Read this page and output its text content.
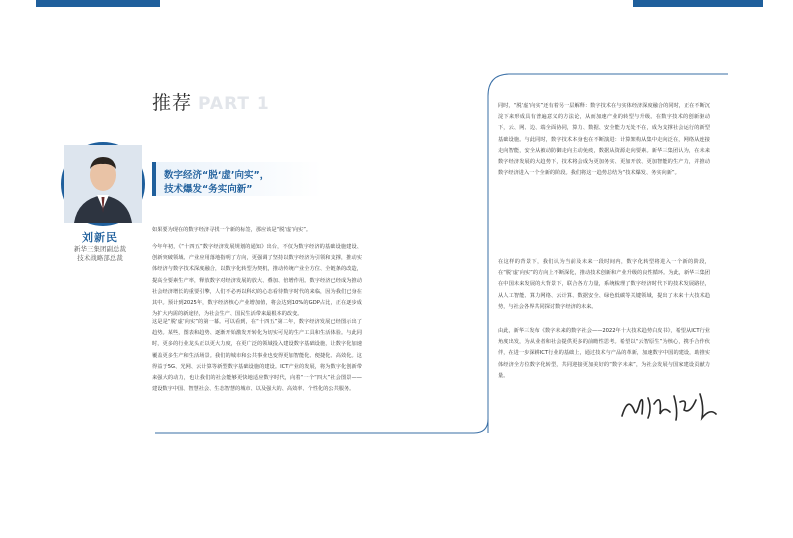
推荐 PART 1
刘新民
新华三集团副总裁
技术战略部总裁
数字经济“脱‘虚’向实”，
技术爆发“务实向新”
如果要为现在的数字经济寻找一个新的标签，那应该是“脱‘虚’向实”。
今年年初，《“十四五”数字经济发展规划的通知》出台，不仅为数字经济的基础设施建设、创新突破领域、产业应用落地指明了方向，更强调了坚持以数字经济为引领和支撑，推动实体经济与数字技术深度融合，以数字化转型为契机，推动传统产业全方位、全链条的改造，提高全要素生产率，释放数字对经济发展的放大、叠加、倍增作用。数字经济已经成为推动社会经济增长的重要引擎，人们不必再以科幻的心态看待数字时代的来临，因为我们已身在其中。预计到2025年，数字经济核心产业增加值，将会达到10%的GDP占比，正在逐步成为扩大内需的新途径，为社会生产、国民生活带来最根本的改变。
这是是“脱‘虚’向实”的第一幕。可以看到，在“十四五”第二年，数字经济发展已经图示出了趋势。某些，图表和趋势、逐渐开始激发开转化为切实可见的生产工具和生活体验。与此同时，更多的行业龙头正以更大力度，在更广泛的领域投入建设数字基础设施，让数字化加速覆盖更多生产和生活场景。我们的城市和公共事业也变得更加智能化、便捷化、高效化。这得益于5G、光网、云计算等新型数字基础设施的建设。ICT产业的发展，将为数字化创新带来强大的动力，也让我们的社会能够更快地适应数字时代，向着“一个“四大”社会图景——建设数字中国、智慧社会、生态智慧的城市、以及强大的、高效率、个性化的公共服务。
同时，“脱‘虚’向实”还有着另一层解释：数字技术在与实体经济深度融合的同时，正在不断沉淀下来形成具有普遍意义的方法论，从而加速产业的转型与升级。在数字技术的创新驱动下，云、网、边、端全面协同，算力、数据、安全能力无处不在，成为支撑社会运行的新型基础设施。与此同时，数字技术本身也在不断演进：计算架构从集中走向泛在，网络从连接走向智能，安全从被动防御走向主动免疫，数据从资源走向要素。新华三集团认为，在未来数字经济发展的大趋势下，技术将会成为更加务实、更加开放、更加智能的生产力，并推动数字经济进入一个全新的阶段。我们将这一趋势总结为“技术爆发、务实向新”。
在这样的背景下，我们认为当前及未来一段时间内，数字化转型将进入一个新的阶段，在“脱‘虚’向实”的方向上不断深化，推动技术创新和产业升级的良性循环。为此，新华三集团在中国未来发展的大背景下，联合各方力量，系统梳理了数字经济时代下的技术发展路径，从人工智能、算力网络、云计算、数据安全、绿色低碳等关键领域，提出了未来十大技术趋势，与社会各界共同探讨数字经济的未来。
由此，新华三发布《数字未来的数字社会——2022年十大技术趋势白皮书》，希望从ICT行业角度出发，为从业者和社会提供更多的前瞻性思考。希望以“云智原生”为核心，携手合作伙伴，在进一步深耕ICT行业的基础上，通过技术与产品的革新，加速数字中国的建设，助推实体经济全方位数字化转型，共同迎接更加美好的“数字未来”，为社会发展与国家建设贡献力量。
